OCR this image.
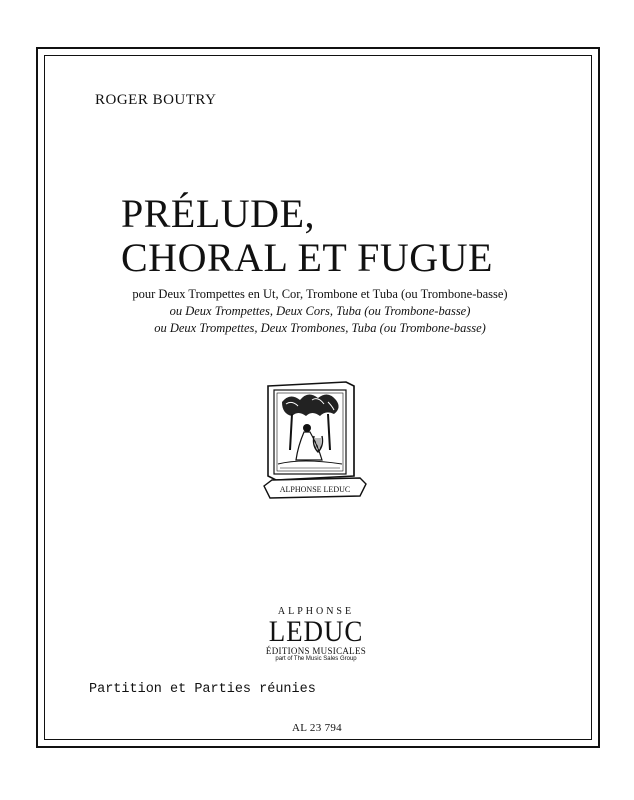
ROGER BOUTRY
PRÉLUDE,
CHORAL ET FUGUE
pour Deux Trompettes en Ut, Cor, Trombone et Tuba (ou Trombone-basse)
ou Deux Trompettes, Deux Cors, Tuba (ou Trombone-basse)
ou Deux Trompettes, Deux Trombones, Tuba (ou Trombone-basse)
ALPHONSE LEDUC
ALPHONSE
LEDUC
ÉDITIONS MUSICALES
part of The Music Sales Group
Partition et Parties réunies
AL 23 794
